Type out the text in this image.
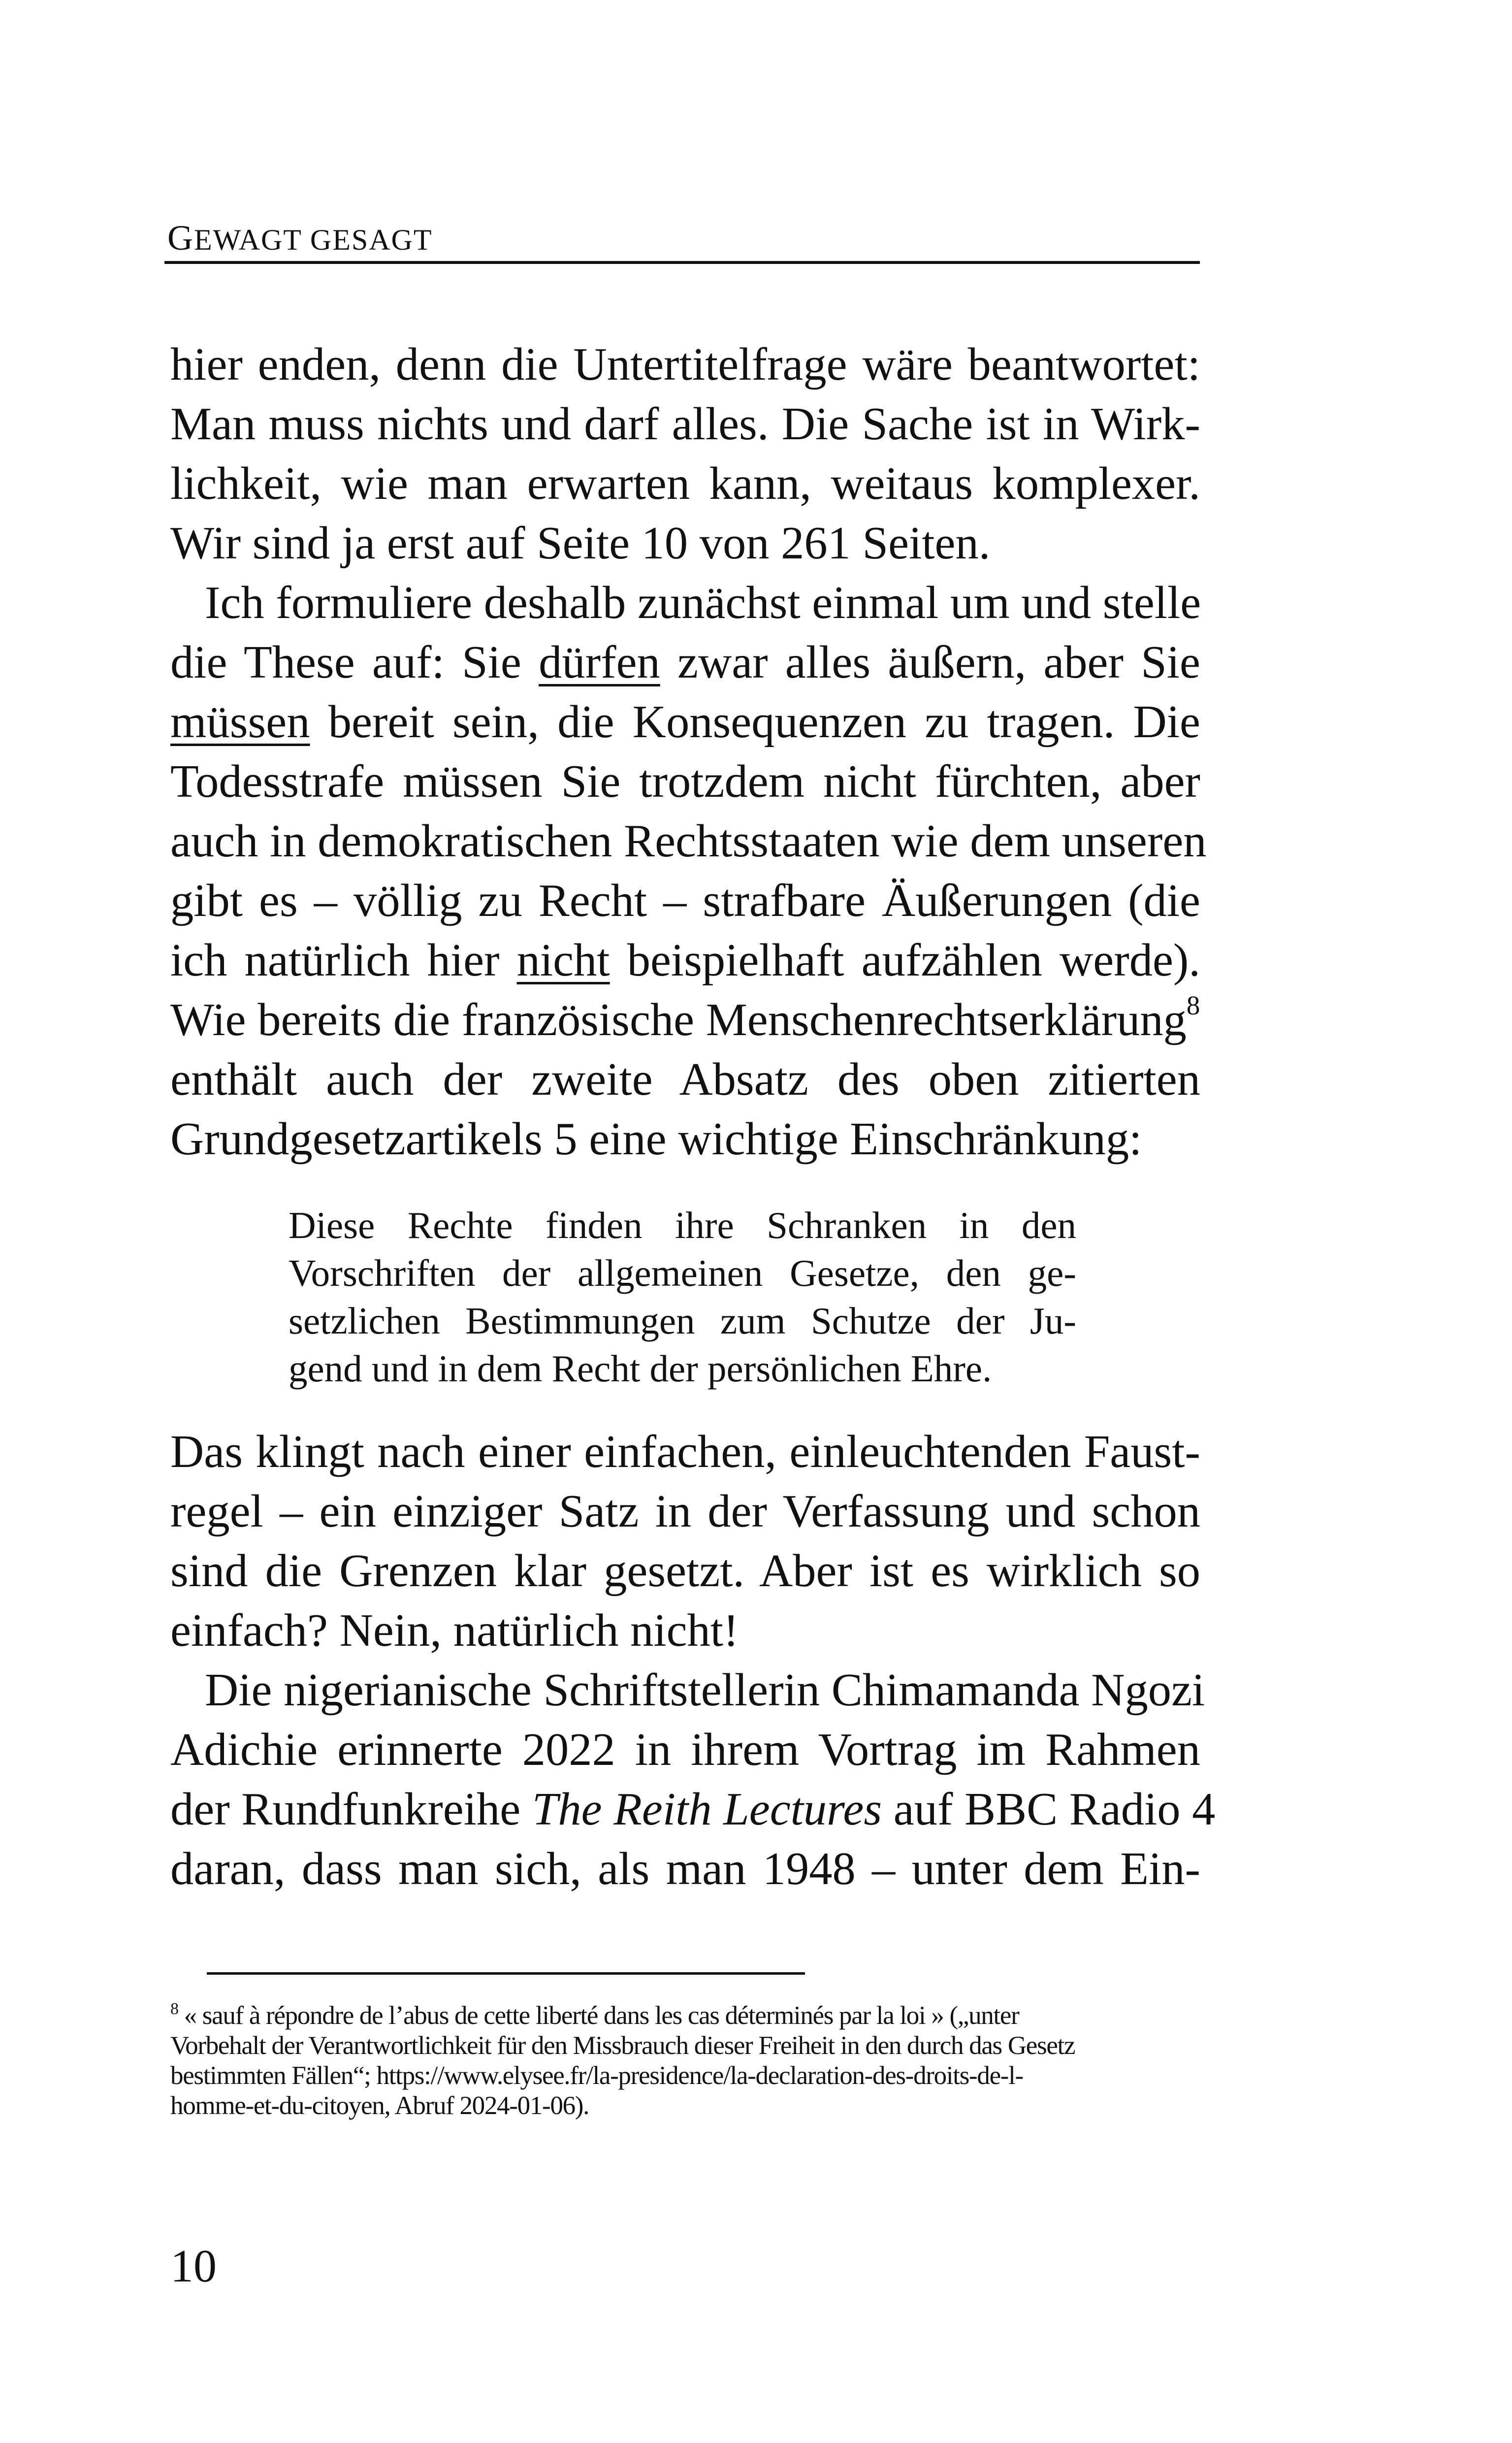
GEWAGT GESAGT
hier enden, denn die Untertitelfrage wäre beantwortet:
Man muss nichts und darf alles. Die Sache ist in Wirk-
lichkeit, wie man erwarten kann, weitaus komplexer.
Wir sind ja erst auf Seite 10 von 261 Seiten.
Ich formuliere deshalb zunächst einmal um und stelle
die These auf: Sie dürfen zwar alles äußern, aber Sie
müssen bereit sein, die Konsequenzen zu tragen. Die
Todesstrafe müssen Sie trotzdem nicht fürchten, aber
auch in demokratischen Rechtsstaaten wie dem unseren
gibt es – völlig zu Recht – strafbare Äußerungen (die
ich natürlich hier nicht beispielhaft aufzählen werde).
Wie bereits die französische Menschenrechtserklärung$^8$
enthält auch der zweite Absatz des oben zitierten
Grundgesetzartikels 5 eine wichtige Einschränkung:
Diese Rechte finden ihre Schranken in den
Vorschriften der allgemeinen Gesetze, den ge-
setzlichen Bestimmungen zum Schutze der Ju-
gend und in dem Recht der persönlichen Ehre.
Das klingt nach einer einfachen, einleuchtenden Faust-
regel – ein einziger Satz in der Verfassung und schon
sind die Grenzen klar gesetzt. Aber ist es wirklich so
einfach? Nein, natürlich nicht!
Die nigerianische Schriftstellerin Chimamanda Ngozi
Adichie erinnerte 2022 in ihrem Vortrag im Rahmen
der Rundfunkreihe The Reith Lectures auf BBC Radio 4
daran, dass man sich, als man 1948 – unter dem Ein-
$^8$ « sauf à répondre de l’abus de cette liberté dans les cas déterminés par la loi » („unter
Vorbehalt der Verantwortlichkeit für den Missbrauch dieser Freiheit in den durch das Gesetz
bestimmten Fällen“; https://www.elysee.fr/la-presidence/la-declaration-des-droits-de-l-
homme-et-du-citoyen, Abruf 2024-01-06).
10
